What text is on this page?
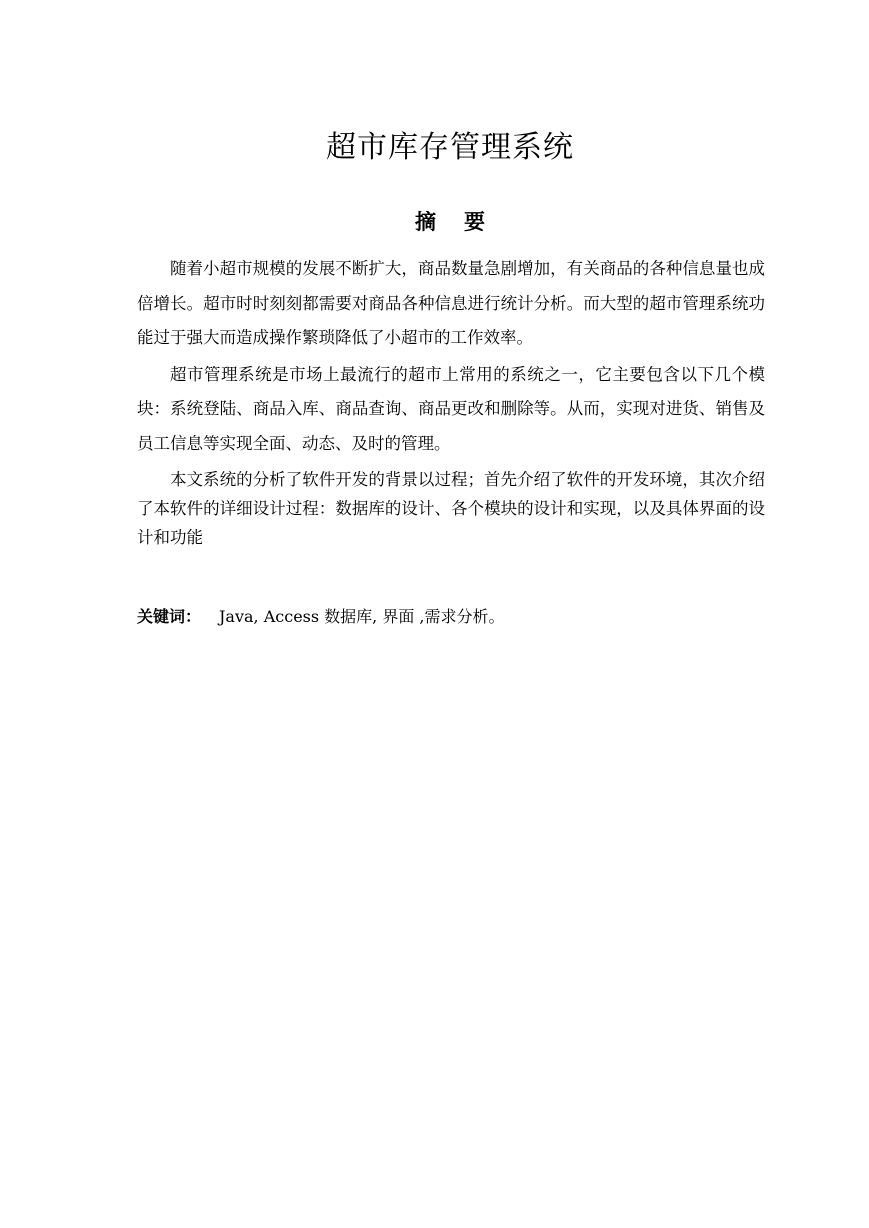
超市库存管理系统
摘 要

随着小超市规模的发展不断扩大，商品数量急剧增加，有关商品的各种信息量也成倍增长。超市时时刻刻都需要对商品各种信息进行统计分析。而大型的超市管理系统功能过于强大而造成操作繁琐降低了小超市的工作效率。

超市管理系统是市场上最流行的超市上常用的系统之一，它主要包含以下几个模块：系统登陆、商品入库、商品查询、商品更改和删除等。从而，实现对进货、销售及员工信息等实现全面、动态、及时的管理。

本文系统的分析了软件开发的背景以过程；首先介绍了软件的开发环境，其次介绍了本软件的详细设计过程：数据库的设计、各个模块的设计和实现，以及具体界面的设计和功能

关键词： Java, Access 数据库, 界面 ,需求分析。
